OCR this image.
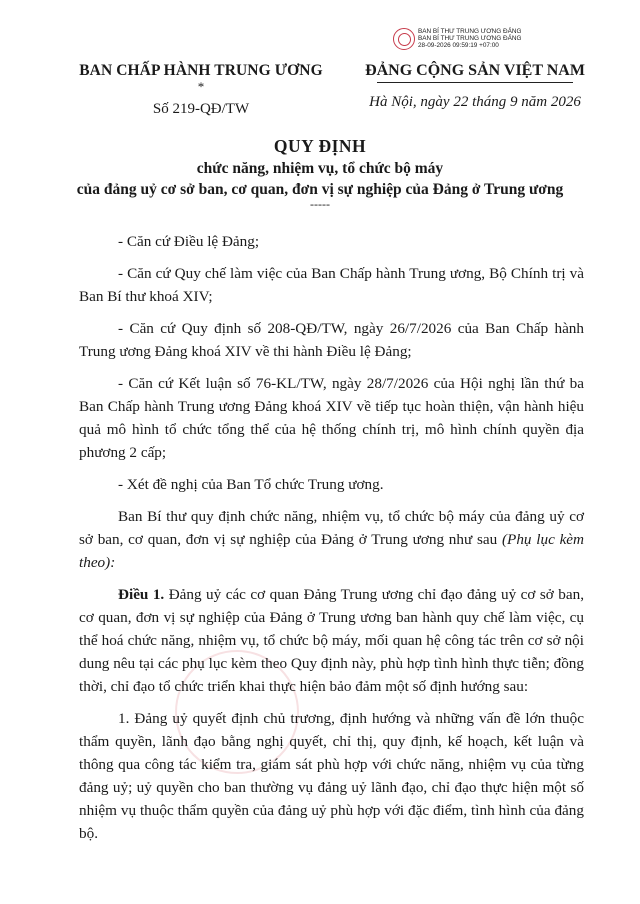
BAN BÍ THƯ TRUNG ƯƠNG ĐẢNG
BAN BÍ THƯ TRUNG ƯƠNG ĐẢNG
28-09-2026 09:59:19 +07:00
BAN CHẤP HÀNH TRUNG ƯƠNG
*
Số 219-QĐ/TW
ĐẢNG CỘNG SẢN VIỆT NAM
Hà Nội, ngày 22 tháng 9 năm 2026
QUY ĐỊNH
chức năng, nhiệm vụ, tổ chức bộ máy
của đảng uỷ cơ sở ban, cơ quan, đơn vị sự nghiệp của Đảng ở Trung ương
-----

- Căn cứ Điều lệ Đảng;

- Căn cứ Quy chế làm việc của Ban Chấp hành Trung ương, Bộ Chính trị và Ban Bí thư khoá XIV;

- Căn cứ Quy định số 208-QĐ/TW, ngày 26/7/2026 của Ban Chấp hành Trung ương Đảng khoá XIV về thi hành Điều lệ Đảng;

- Căn cứ Kết luận số 76-KL/TW, ngày 28/7/2026 của Hội nghị lần thứ ba Ban Chấp hành Trung ương Đảng khoá XIV về tiếp tục hoàn thiện, vận hành hiệu quả mô hình tổ chức tổng thể của hệ thống chính trị, mô hình chính quyền địa phương 2 cấp;

- Xét đề nghị của Ban Tổ chức Trung ương.

Ban Bí thư quy định chức năng, nhiệm vụ, tổ chức bộ máy của đảng uỷ cơ sở ban, cơ quan, đơn vị sự nghiệp của Đảng ở Trung ương như sau (Phụ lục kèm theo):

Điều 1. Đảng uỷ các cơ quan Đảng Trung ương chỉ đạo đảng uỷ cơ sở ban, cơ quan, đơn vị sự nghiệp của Đảng ở Trung ương ban hành quy chế làm việc, cụ thể hoá chức năng, nhiệm vụ, tổ chức bộ máy, mối quan hệ công tác trên cơ sở nội dung nêu tại các phụ lục kèm theo Quy định này, phù hợp tình hình thực tiễn; đồng thời, chỉ đạo tổ chức triển khai thực hiện bảo đảm một số định hướng sau:

1. Đảng uỷ quyết định chủ trương, định hướng và những vấn đề lớn thuộc thẩm quyền, lãnh đạo bằng nghị quyết, chỉ thị, quy định, kế hoạch, kết luận và thông qua công tác kiểm tra, giám sát phù hợp với chức năng, nhiệm vụ của từng đảng uỷ; uỷ quyền cho ban thường vụ đảng uỷ lãnh đạo, chỉ đạo thực hiện một số nhiệm vụ thuộc thẩm quyền của đảng uỷ phù hợp với đặc điểm, tình hình của đảng bộ.
